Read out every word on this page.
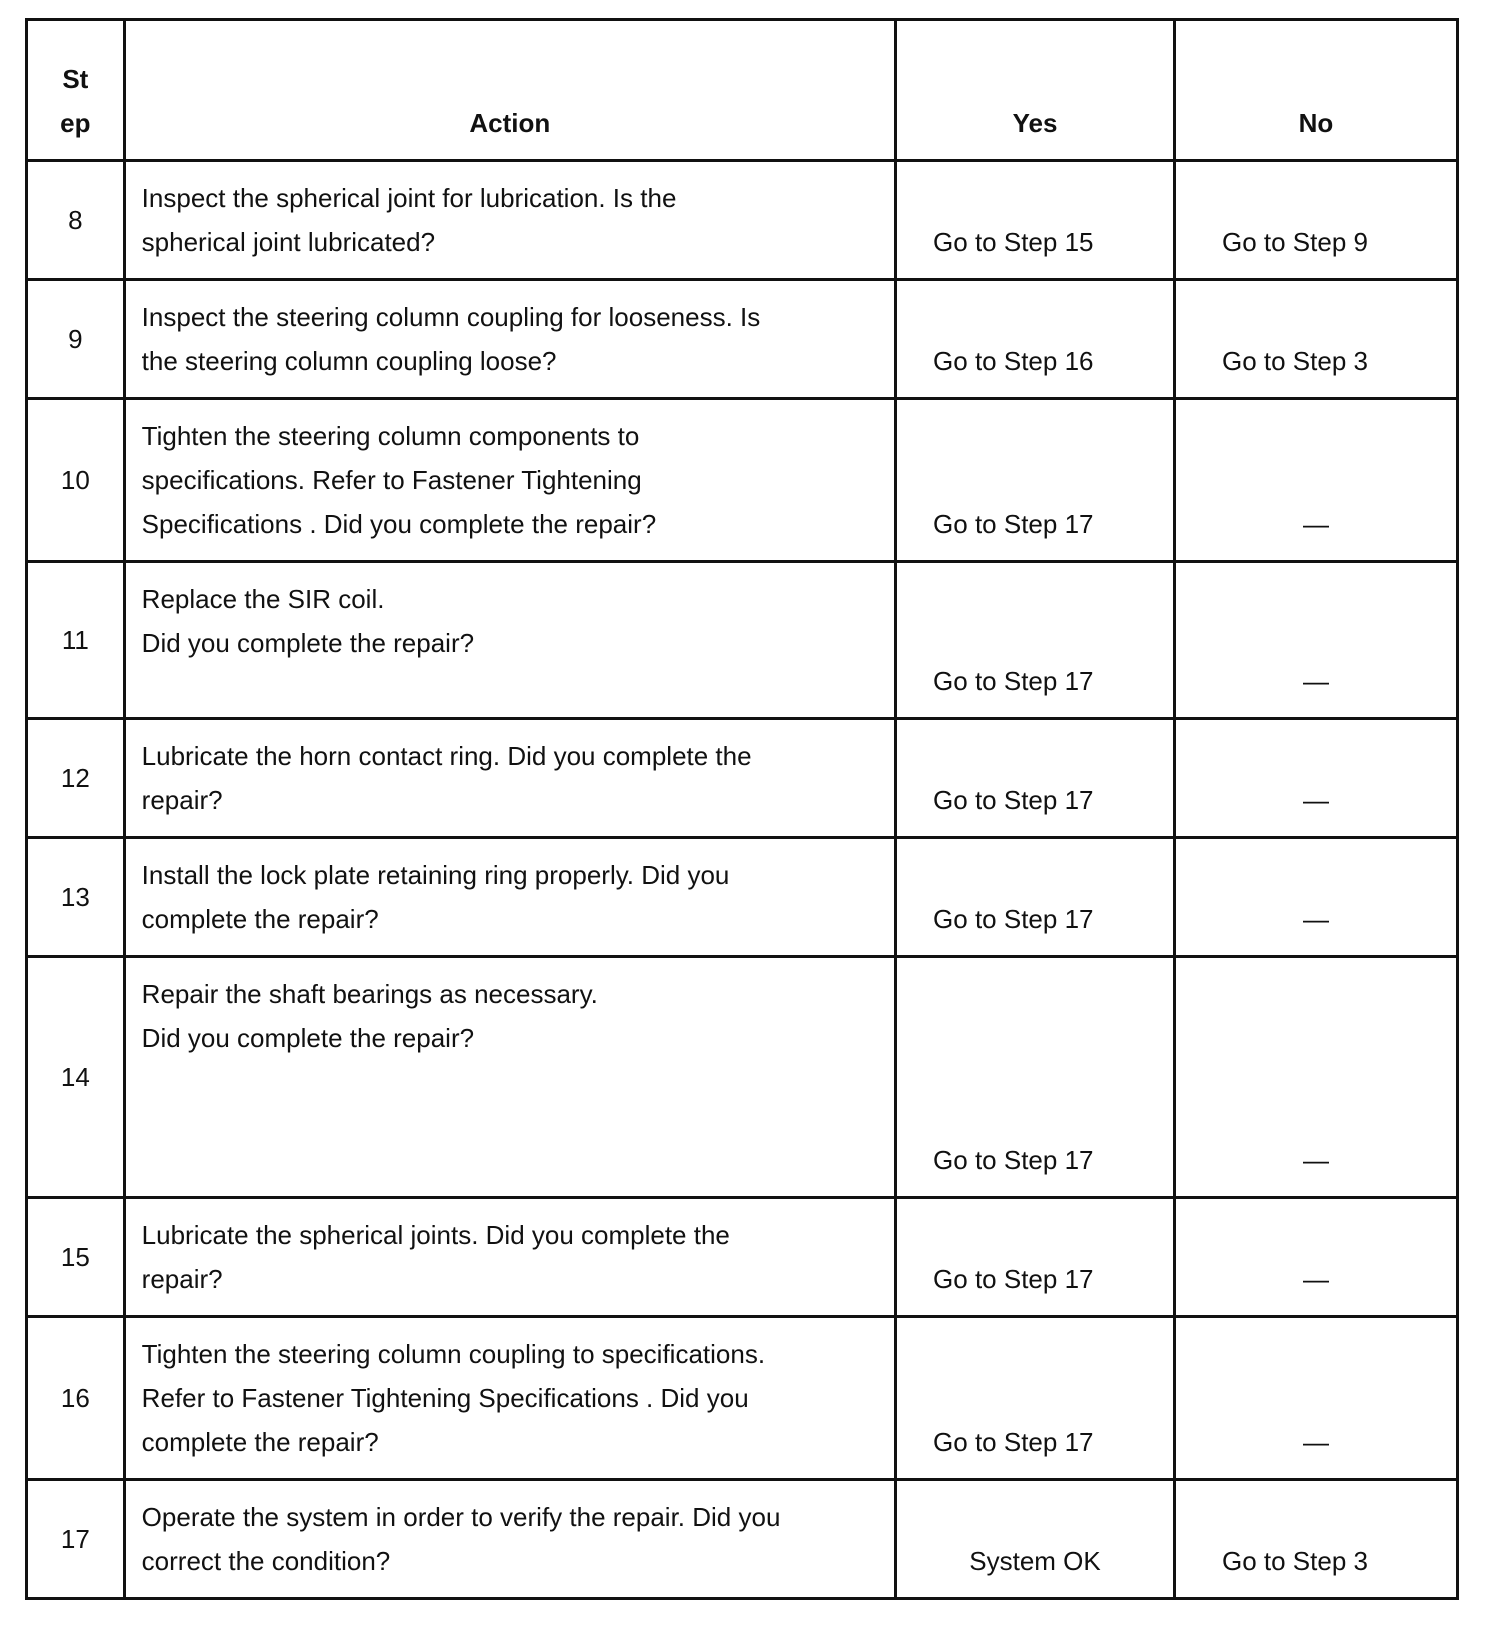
St
ep	Action	Yes	No
8	Inspect the spherical joint for lubrication. Is the
spherical joint lubricated?	Go to Step 15	Go to Step 9
9	Inspect the steering column coupling for looseness. Is
the steering column coupling loose?	Go to Step 16	Go to Step 3
10	Tighten the steering column components to
specifications. Refer to Fastener Tightening
Specifications . Did you complete the repair?	Go to Step 17	—
11	Replace the SIR coil.
Did you complete the repair?	Go to Step 17	—
12	Lubricate the horn contact ring. Did you complete the
repair?	Go to Step 17	—
13	Install the lock plate retaining ring properly. Did you
complete the repair?	Go to Step 17	—
14	Repair the shaft bearings as necessary.
Did you complete the repair?	Go to Step 17	—
15	Lubricate the spherical joints. Did you complete the
repair?	Go to Step 17	—
16	Tighten the steering column coupling to specifications.
Refer to Fastener Tightening Specifications . Did you
complete the repair?	Go to Step 17	—
17	Operate the system in order to verify the repair. Did you
correct the condition?	System OK	Go to Step 3
